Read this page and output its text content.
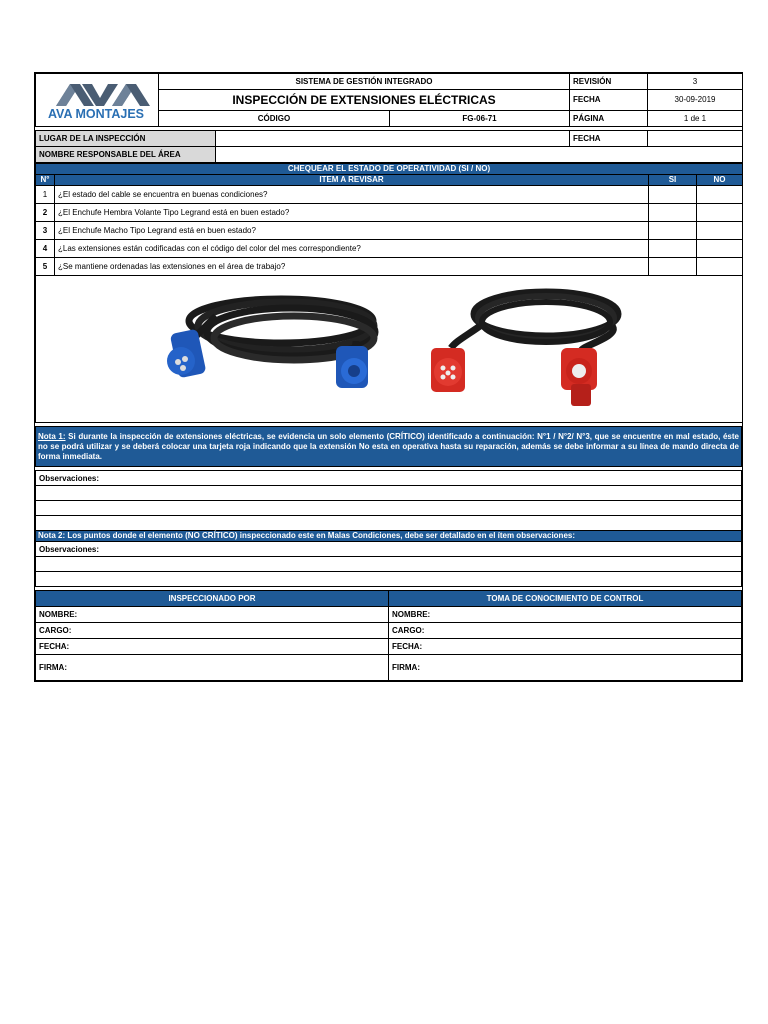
AVA MONTAJES	SISTEMA DE GESTIÓN INTEGRADO		REVISIÓN	3
	INSPECCIÓN DE EXTENSIONES ELÉCTRICAS		FECHA	30-09-2019
	CÓDIGO	FG-06-71	PÁGINA	1 de 1
LUGAR DE LA INSPECCIÓN		FECHA	
NOMBRE RESPONSABLE DEL ÁREA			
CHEQUEAR EL ESTADO DE OPERATIVIDAD (SI / NO)			
N°	ITEM A REVISAR	SI	NO
1	¿El estado del cable se encuentra en buenas condiciones?		
2	¿El Enchufe Hembra Volante Tipo Legrand está en buen estado?		
3	¿El Enchufe Macho Tipo Legrand está en buen estado?		
4	¿Las extensiones están codificadas con el código del color del mes correspondiente?		
5	¿Se mantiene ordenadas las extensiones en el área de trabajo?		

Nota 1: Si durante la inspección de extensiones eléctricas, se evidencia un solo elemento (CRÍTICO) identificado a continuación: N°1 / N°2/ N°3, que se encuentre en mal estado, éste no se podrá utilizar y se deberá colocar una tarjeta roja indicando que la extensión No esta en operativa hasta su reparación, además se debe informar a su línea de mando directa de forma inmediata.
Observaciones:

Nota 2: Los puntos donde el elemento (NO CRÍTICO) inspeccionado este en Malas Condiciones, debe ser detallado en el ítem observaciones:
Observaciones:

INSPECCIONADO POR	TOMA DE CONOCIMIENTO DE CONTROL
NOMBRE:	NOMBRE:
CARGO:	CARGO:
FECHA:	FECHA:
FIRMA:	FIRMA:
